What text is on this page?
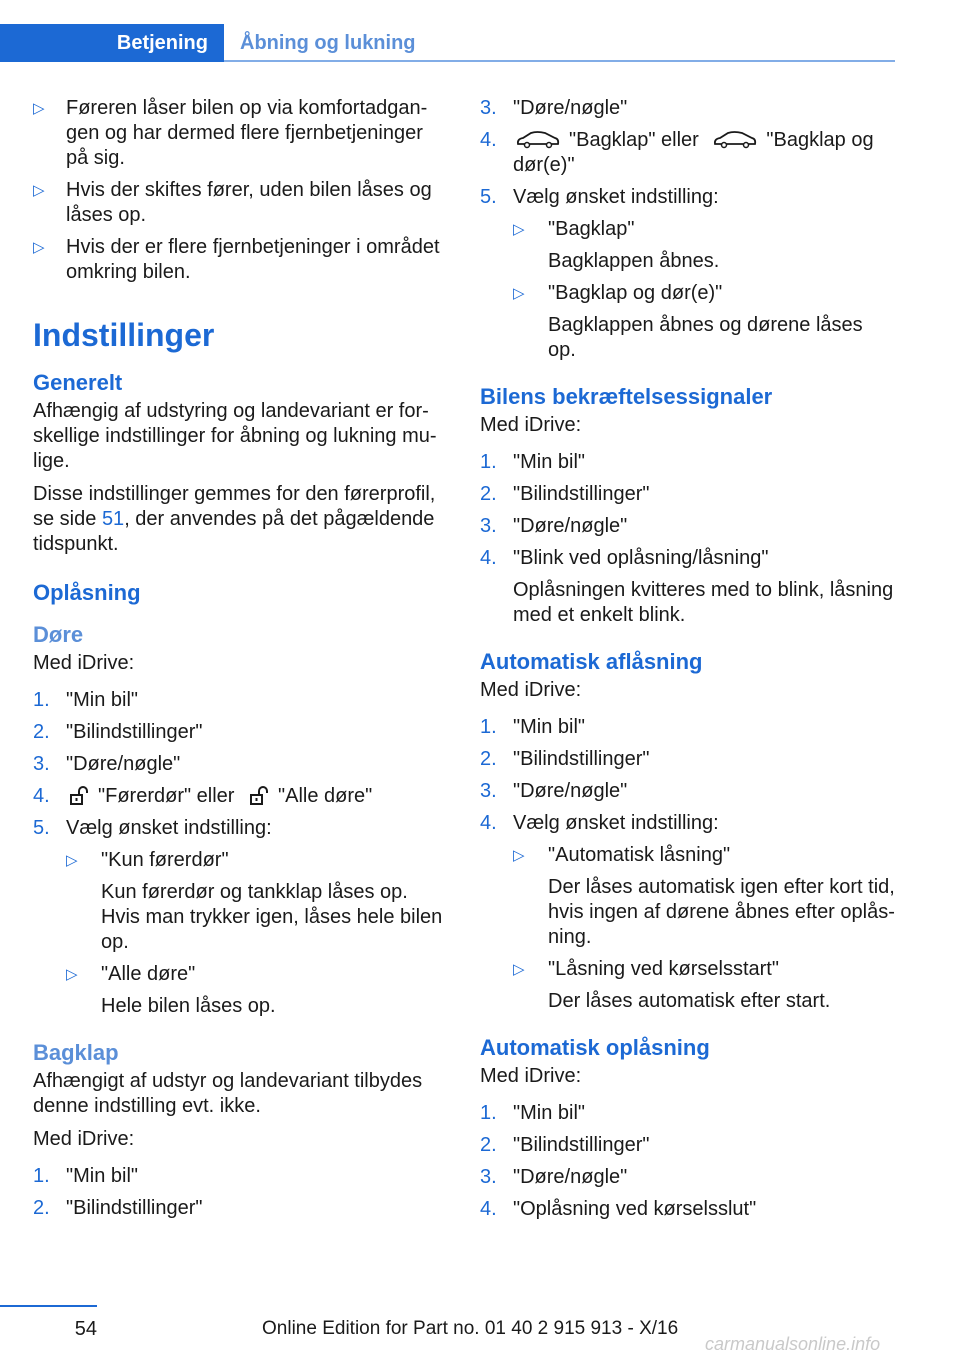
Betjening	Åbning og lukning
▷	Føreren låser bilen op via komfortadgan- gen og har dermed flere fjernbetjeninger på sig.
▷	Hvis der skiftes fører, uden bilen låses og låses op.
▷	Hvis der er flere fjernbetjeninger i området omkring bilen.
Indstillinger
Generelt

Afhængig af udstyring og landevariant er for- skellige indstillinger for åbning og lukning mu- lige.

Disse indstillinger gemmes for den førerprofil, se side 51, der anvendes på det pågældende tidspunkt.

Oplåsning
Døre

Med iDrive:

1. "Min bil"
2. "Bilindstillinger"
3. "Døre/nøgle"
4.	"Førerdør" eller "Alle døre"
5. Vælg ønsket indstilling:
▷	"Kun førerdør"
Kun førerdør og tankklap låses op. Hvis man trykker igen, låses hele bilen op.
▷	"Alle døre"
Hele bilen låses op.
Bagklap

Afhængigt af udstyr og landevariant tilbydes denne indstilling evt. ikke.

Med iDrive:

1. "Min bil"
2. "Bilindstillinger"
3. "Døre/nøgle"
4.	"Bagklap" eller	"Bagklap og dør(e)"
5. Vælg ønsket indstilling:
▷	"Bagklap"
Bagklappen åbnes.
▷	"Bagklap og dør(e)"
Bagklappen åbnes og dørene låses op.
Bilens bekræftelsessignaler

Med iDrive:

1. "Min bil"
2. "Bilindstillinger"
3. "Døre/nøgle"
4. "Blink ved oplåsning/låsning"
Oplåsningen kvitteres med to blink, låsning med et enkelt blink.
Automatisk aflåsning

Med iDrive:

1. "Min bil"
2. "Bilindstillinger"
3. "Døre/nøgle"
4. Vælg ønsket indstilling:
▷	"Automatisk låsning"
Der låses automatisk igen efter kort tid, hvis ingen af dørene åbnes efter oplås- ning.
▷	"Låsning ved kørselsstart"
Der låses automatisk efter start.
Automatisk oplåsning

Med iDrive:

1. "Min bil"
2. "Bilindstillinger"
3. "Døre/nøgle"
4. "Oplåsning ved kørselsslut"
54	Online Edition for Part no. 01 40 2 915 913 - X/16
carmanualsonline.info
